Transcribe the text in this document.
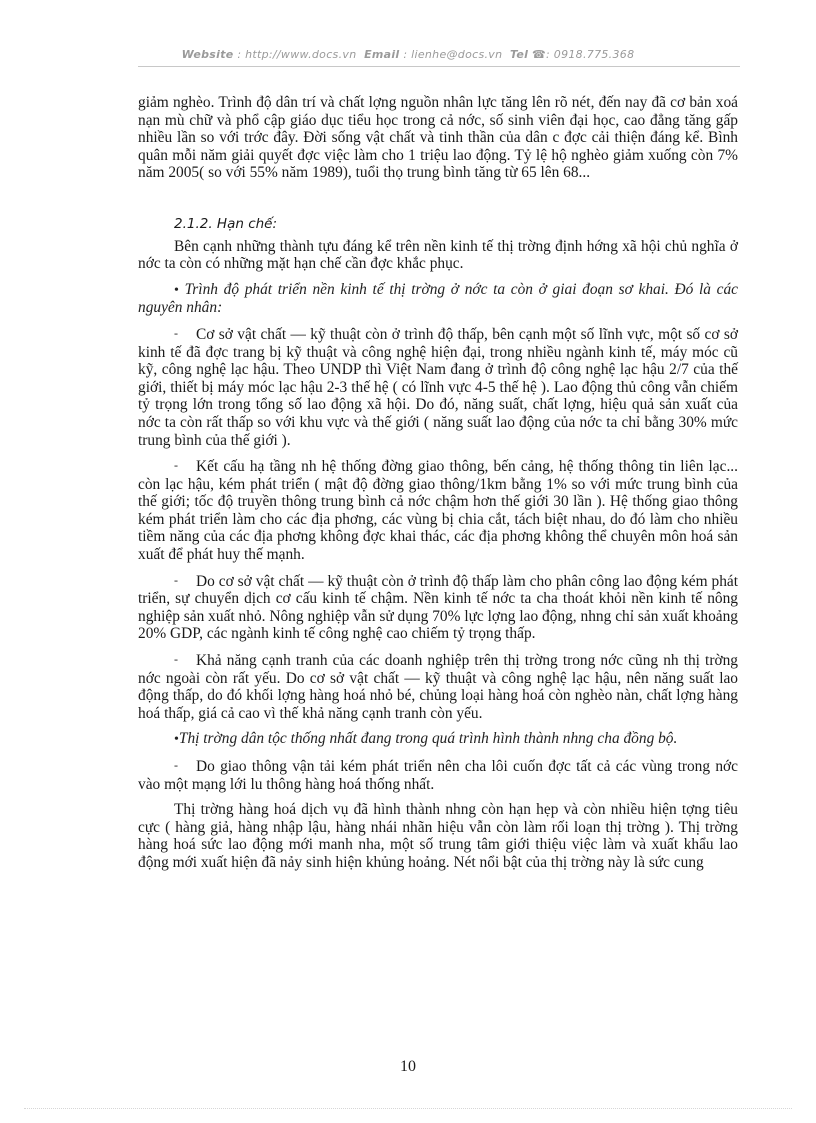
Website : http://www.docs.vn Email : lienhe@docs.vn Tel ☎: 0918.775.368

giảm nghèo. Trình độ dân trí và chất lợng nguồn nhân lực tăng lên rõ nét, đến nay đã cơ bản xoá nạn mù chữ và phổ cập giáo dục tiểu học trong cả nớc, số sinh viên đại học, cao đẳng tăng gấp nhiều lần so với trớc đây. Đời sống vật chất và tinh thần của dân c đợc cải thiện đáng kể. Bình quân mỗi năm giải quyết đợc việc làm cho 1 triệu lao động. Tỷ lệ hộ nghèo giảm xuống còn 7% năm 2005( so với 55% năm 1989), tuổi thọ trung bình tăng từ 65 lên 68...

2.1.2. Hạn chế:

Bên cạnh những thành tựu đáng kể trên nền kinh tế thị trờng định hớng xã hội chủ nghĩa ở nớc ta còn có những mặt hạn chế cần đợc khắc phục.

• Trình độ phát triển nền kinh tế thị trờng ở nớc ta còn ở giai đoạn sơ khai. Đó là các nguyên nhân:

- Cơ sở vật chất — kỹ thuật còn ở trình độ thấp, bên cạnh một số lĩnh vực, một số cơ sở kinh tế đã đợc trang bị kỹ thuật và công nghệ hiện đại, trong nhiều ngành kinh tế, máy móc cũ kỹ, công nghệ lạc hậu. Theo UNDP thì Việt Nam đang ở trình độ công nghệ lạc hậu 2/7 của thế giới, thiết bị máy móc lạc hậu 2-3 thế hệ ( có lĩnh vực 4-5 thế hệ ). Lao động thủ công vẫn chiếm tỷ trọng lớn trong tổng số lao động xã hội. Do đó, năng suất, chất lợng, hiệu quả sản xuất của nớc ta còn rất thấp so với khu vực và thế giới ( năng suất lao động của nớc ta chỉ bằng 30% mức trung bình của thế giới ).

- Kết cấu hạ tầng nh hệ thống đờng giao thông, bến cảng, hệ thống thông tin liên lạc... còn lạc hậu, kém phát triển ( mật độ đờng giao thông/1km bằng 1% so với mức trung bình của thế giới; tốc độ truyền thông trung bình cả nớc chậm hơn thế giới 30 lần ). Hệ thống giao thông kém phát triển làm cho các địa phơng, các vùng bị chia cắt, tách biệt nhau, do đó làm cho nhiều tiềm năng của các địa phơng không đợc khai thác, các địa phơng không thể chuyên môn hoá sản xuất để phát huy thế mạnh.

- Do cơ sở vật chất — kỹ thuật còn ở trình độ thấp làm cho phân công lao động kém phát triển, sự chuyển dịch cơ cấu kinh tế chậm. Nền kinh tế nớc ta cha thoát khỏi nền kinh tế nông nghiệp sản xuất nhỏ. Nông nghiệp vẫn sử dụng 70% lực lợng lao động, nhng chỉ sản xuất khoảng 20% GDP, các ngành kinh tế công nghệ cao chiếm tỷ trọng thấp.

- Khả năng cạnh tranh của các doanh nghiệp trên thị trờng trong nớc cũng nh thị trờng nớc ngoài còn rất yếu. Do cơ sở vật chất — kỹ thuật và công nghệ lạc hậu, nên năng suất lao động thấp, do đó khối lợng hàng hoá nhỏ bé, chủng loại hàng hoá còn nghèo nàn, chất lợng hàng hoá thấp, giá cả cao vì thế khả năng cạnh tranh còn yếu.

•Thị trờng dân tộc thống nhất đang trong quá trình hình thành nhng cha đồng bộ.

- Do giao thông vận tải kém phát triển nên cha lôi cuốn đợc tất cả các vùng trong nớc vào một mạng lới lu thông hàng hoá thống nhất.

Thị trờng hàng hoá dịch vụ đã hình thành nhng còn hạn hẹp và còn nhiều hiện tợng tiêu cực ( hàng giả, hàng nhập lậu, hàng nhái nhãn hiệu vẫn còn làm rối loạn thị trờng ). Thị trờng hàng hoá sức lao động mới manh nha, một số trung tâm giới thiệu việc làm và xuất khẩu lao động mới xuất hiện đã nảy sinh hiện khủng hoảng. Nét nổi bật của thị trờng này là sức cung

10
